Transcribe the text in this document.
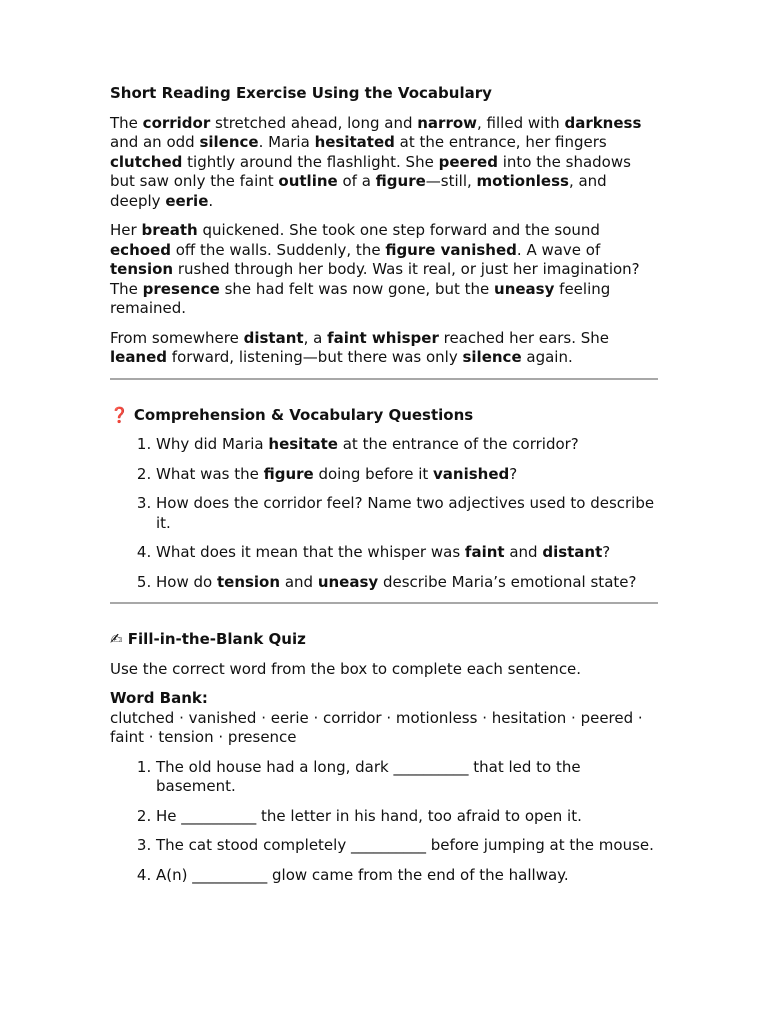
Short Reading Exercise Using the Vocabulary

The corridor stretched ahead, long and narrow, filled with darkness and an odd silence. Maria hesitated at the entrance, her fingers clutched tightly around the flashlight. She peered into the shadows but saw only the faint outline of a figure—still, motionless, and deeply eerie.

Her breath quickened. She took one step forward and the sound echoed off the walls. Suddenly, the figure vanished. A wave of tension rushed through her body. Was it real, or just her imagination? The presence she had felt was now gone, but the uneasy feeling remained.

From somewhere distant, a faint whisper reached her ears. She leaned forward, listening—but there was only silence again.

❓ Comprehension & Vocabulary Questions
1. Why did Maria hesitate at the entrance of the corridor?
2. What was the figure doing before it vanished?
3. How does the corridor feel? Name two adjectives used to describe it.
4. What does it mean that the whisper was faint and distant?
5. How do tension and uneasy describe Maria’s emotional state?
✍ Fill-in-the-Blank Quiz

Use the correct word from the box to complete each sentence.

Word Bank:
clutched · vanished · eerie · corridor · motionless · hesitation · peered · faint · tension · presence
1. The old house had a long, dark __________ that led to the basement.
2. He __________ the letter in his hand, too afraid to open it.
3. The cat stood completely __________ before jumping at the mouse.
4. A(n) __________ glow came from the end of the hallway.
